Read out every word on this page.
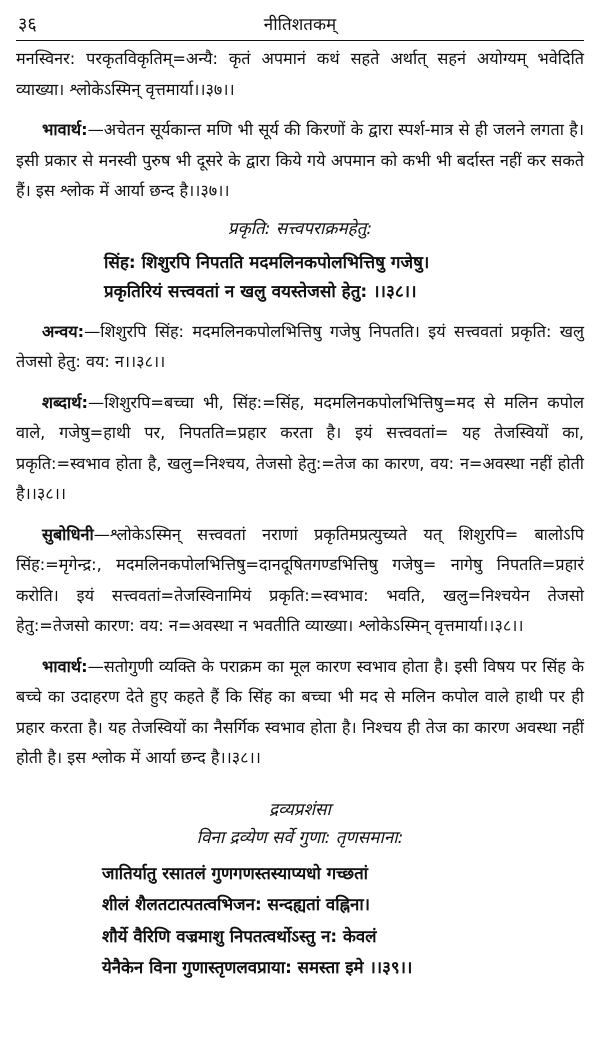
३६	नीतिशतकम्

मनस्विनर: परकृतविकृतिम्=अन्यै: कृतं अपमानं कथं सहते अर्थात् सहनं अयोग्यम् भवेदिति व्याख्या। श्लोकेऽस्मिन् वृत्तमार्या।।३७।।

भावार्थ:—अचेतन सूर्यकान्त मणि भी सूर्य की किरणों के द्वारा स्पर्श-मात्र से ही जलने लगता है। इसी प्रकार से मनस्वी पुरुष भी दूसरे के द्वारा किये गये अपमान को कभी भी बर्दास्त नहीं कर सकते हैं। इस श्लोक में आर्या छन्द है।।३७।।

प्रकृति: सत्त्वपराक्रमहेतु:

सिंह: शिशुरपि निपतति मदमलिनकपोलभित्तिषु गजेषु।
प्रकृतिरियं सत्त्ववतां न खलु वयस्तेजसो हेतु: ।।३८।।

अन्वय:—शिशुरपि सिंह: मदमलिनकपोलभित्तिषु गजेषु निपतति। इयं सत्त्ववतां प्रकृति: खलु तेजसो हेतु: वय: न।।३८।।

शब्दार्थ:—शिशुरपि=बच्चा भी, सिंह:=सिंह, मदमलिनकपोलभित्तिषु=मद से मलिन कपोल वाले, गजेषु=हाथी पर, निपतति=प्रहार करता है। इयं सत्त्ववतां= यह तेजस्वियों का, प्रकृति:=स्वभाव होता है, खलु=निश्चय, तेजसो हेतु:=तेज का कारण, वय: न=अवस्था नहीं होती है।।३८।।

सुबोधिनी—श्लोकेऽस्मिन् सत्त्ववतां नराणां प्रकृतिमप्रत्युच्यते यत् शिशुरपि= बालोऽपि सिंह:=मृगेन्द्र:, मदमलिनकपोलभित्तिषु=दानदूषितगण्डभित्तिषु गजेषु= नागेषु निपतति=प्रहारं करोति। इयं सत्त्ववतां=तेजस्विनामियं प्रकृति:=स्वभाव: भवति, खलु=निश्चयेन तेजसो हेतु:=तेजसो कारण: वय: न=अवस्था न भवतीति व्याख्या। श्लोकेऽस्मिन् वृत्तमार्या।।३८।।

भावार्थ:—सतोगुणी व्यक्ति के पराक्रम का मूल कारण स्वभाव होता है। इसी विषय पर सिंह के बच्चे का उदाहरण देते हुए कहते हैं कि सिंह का बच्चा भी मद से मलिन कपोल वाले हाथी पर ही प्रहार करता है। यह तेजस्वियों का नैसर्गिक स्वभाव होता है। निश्चय ही तेज का कारण अवस्था नहीं होती है। इस श्लोक में आर्या छन्द है।।३८।।

द्रव्यप्रशंसा

विना द्रव्येण सर्वे गुणा: तृणसमाना:

जातिर्यातु रसातलं गुणगणस्तस्याप्यधो गच्छतां
शीलं शैलतटात्पतत्वभिजन: सन्दह्यतां वह्निना।
शौर्ये वैरिणि वज्रमाशु निपतत्वर्थोऽस्तु न: केवलं
येनैकेन विना गुणास्तृणलवप्राया: समस्ता इमे ।।३९।।
